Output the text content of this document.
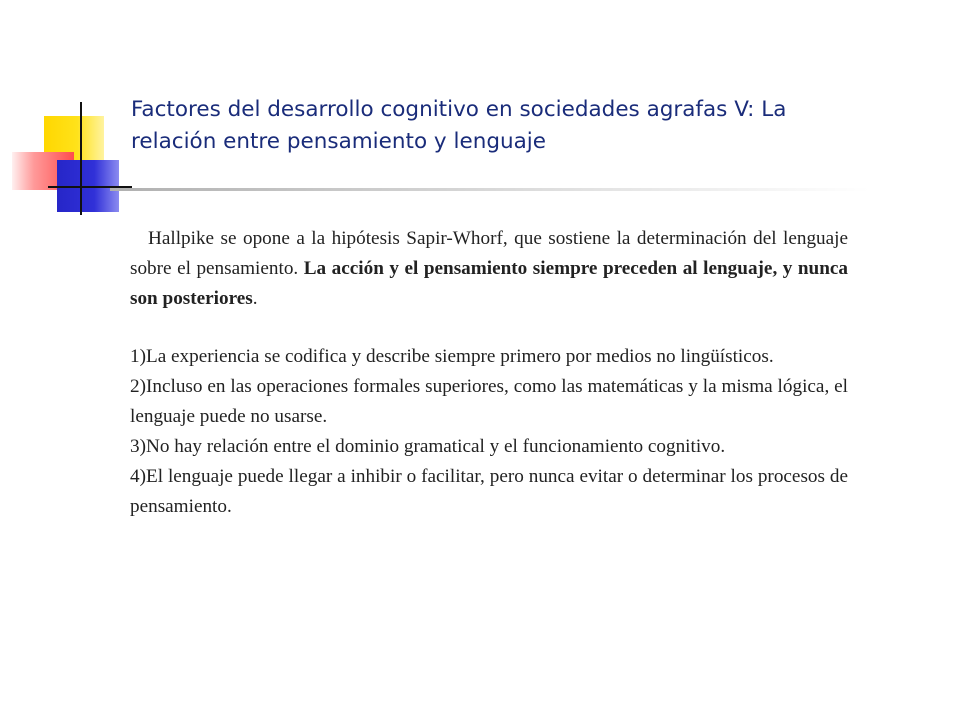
Factores del desarrollo cognitivo en sociedades agrafas V: La relación entre pensamiento y lenguaje

Hallpike se opone a la hipótesis Sapir-Whorf, que sostiene la determinación del lenguaje sobre el pensamiento. La acción y el pensamiento siempre preceden al lenguaje, y nunca son posteriores.

1)La experiencia se codifica y describe siempre primero por medios no lingüísticos.

2)Incluso en las operaciones formales superiores, como las matemáticas y la misma lógica, el lenguaje puede no usarse.

3)No hay relación entre el dominio gramatical y el funcionamiento cognitivo.

4)El lenguaje puede llegar a inhibir o facilitar, pero nunca evitar o determinar los procesos de pensamiento.
